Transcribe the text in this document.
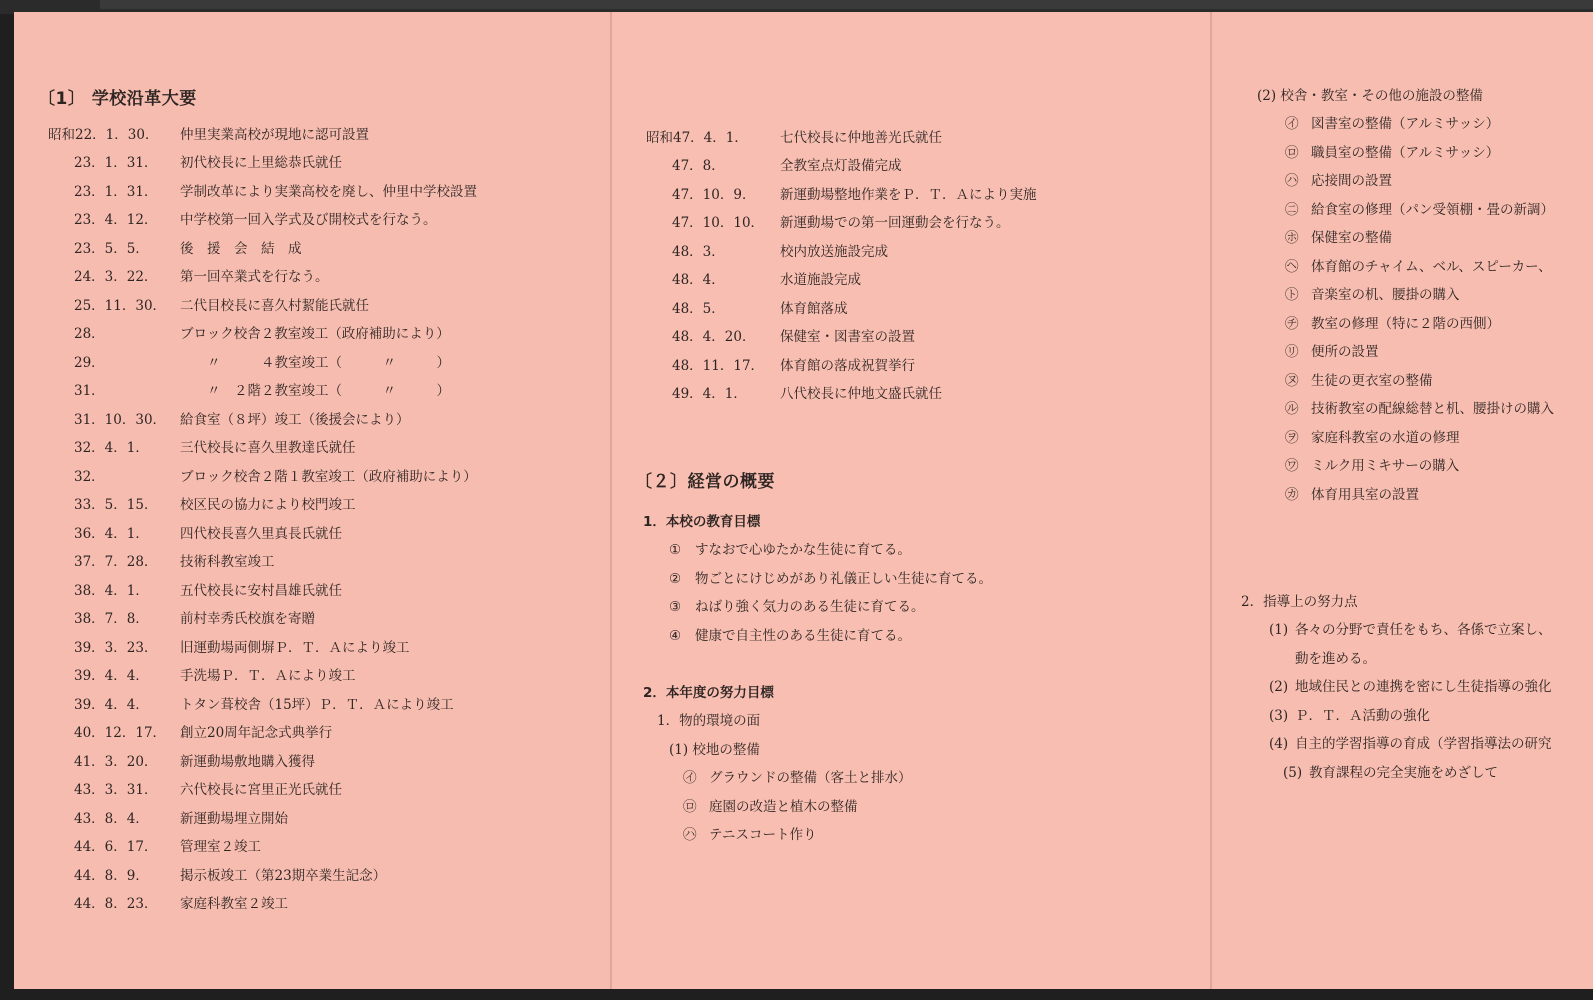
〔1〕 学校沿革大要
昭和22．1．30．	仲里実業高校が現地に認可設置
23．1．31． 初代校長に上里総恭氏就任
23．1．31． 学制改革により実業高校を廃し、仲里中学校設置
23．4．12． 中学校第一回入学式及び開校式を行なう。
23．5．5． 後　援　会　結　成
24．3．22． 第一回卒業式を行なう。
25．11．30． 二代目校長に喜久村絜能氏就任
28．	ブロック校舎２教室竣工（政府補助により）
29．	　　〃　　　４教室竣工（　　　〃　　　）
31．	　　〃　２階２教室竣工（　　　〃　　　）
31．10．30． 給食室（８坪）竣工（後援会により）
32．4．1． 三代校長に喜久里教達氏就任
32．	ブロック校舎２階１教室竣工（政府補助により）
33．5．15． 校区民の協力により校門竣工
36．4．1． 四代校長喜久里真長氏就任
37．7．28． 技術科教室竣工
38．4．1． 五代校長に安村昌雄氏就任
38．7．8． 前村幸秀氏校旗を寄贈
39．3．23． 旧運動場両側塀Ｐ．Ｔ．Ａにより竣工
39．4．4． 手洗場Ｐ．Ｔ．Ａにより竣工
39．4．4． トタン葺校舎（15坪）Ｐ．Ｔ．Ａにより竣工
40．12．17． 創立20周年記念式典挙行
41．3．20． 新運動場敷地購入獲得
43．3．31． 六代校長に宮里正光氏就任
43．8．4． 新運動場埋立開始
44．6．17． 管理室２竣工
44．8．9． 掲示板竣工（第23期卒業生記念）
44．8．23． 家庭科教室２竣工
昭和47．4．1． 七代校長に仲地善光氏就任
47．8．	全教室点灯設備完成
47．10．9． 新運動場整地作業をＰ．Ｔ．Ａにより実施
47．10．10． 新運動場での第一回運動会を行なう。
48．3．	校内放送施設完成
48．4．	水道施設完成
48．5．	体育館落成
48．4．20． 保健室・図書室の設置
48．11．17． 体育館の落成祝賀挙行
49．4．1． 八代校長に仲地文盛氏就任
〔２〕経営の概要
1．本校の教育目標
① すなおで心ゆたかな生徒に育てる。
② 物ごとにけじめがあり礼儀正しい生徒に育てる。
③ ねばり強く気力のある生徒に育てる。
④ 健康で自主性のある生徒に育てる。
2．本年度の努力目標
1．物的環境の面
(1) 校地の整備
㋑ グラウンドの整備（客土と排水）
㋺ 庭園の改造と植木の整備
㋩ テニスコート作り
(2) 校舎・教室・その他の施設の整備
㋑ 図書室の整備（アルミサッシ）
㋺ 職員室の整備（アルミサッシ）
㋩ 応接間の設置
㊁ 給食室の修理（パン受領棚・畳の新調）
㋭ 保健室の整備
㋬ 体育館のチャイム、ベル、スピーカー、
㋣ 音楽室の机、腰掛の購入
㋠ 教室の修理（特に２階の西側）
㋷ 便所の設置
㋦ 生徒の更衣室の整備
㋸ 技術教室の配線総替と机、腰掛けの購入
㋾ 家庭科教室の水道の修理
㋻ ミルク用ミキサーの購入
㋕ 体育用具室の設置
2．指導上の努力点
(1) 各々の分野で責任をもち、各係で立案し、
動を進める。
(2) 地域住民との連携を密にし生徒指導の強化
(3) Ｐ．Ｔ．Ａ活動の強化
(4) 自主的学習指導の育成（学習指導法の研究
(5) 教育課程の完全実施をめざして
